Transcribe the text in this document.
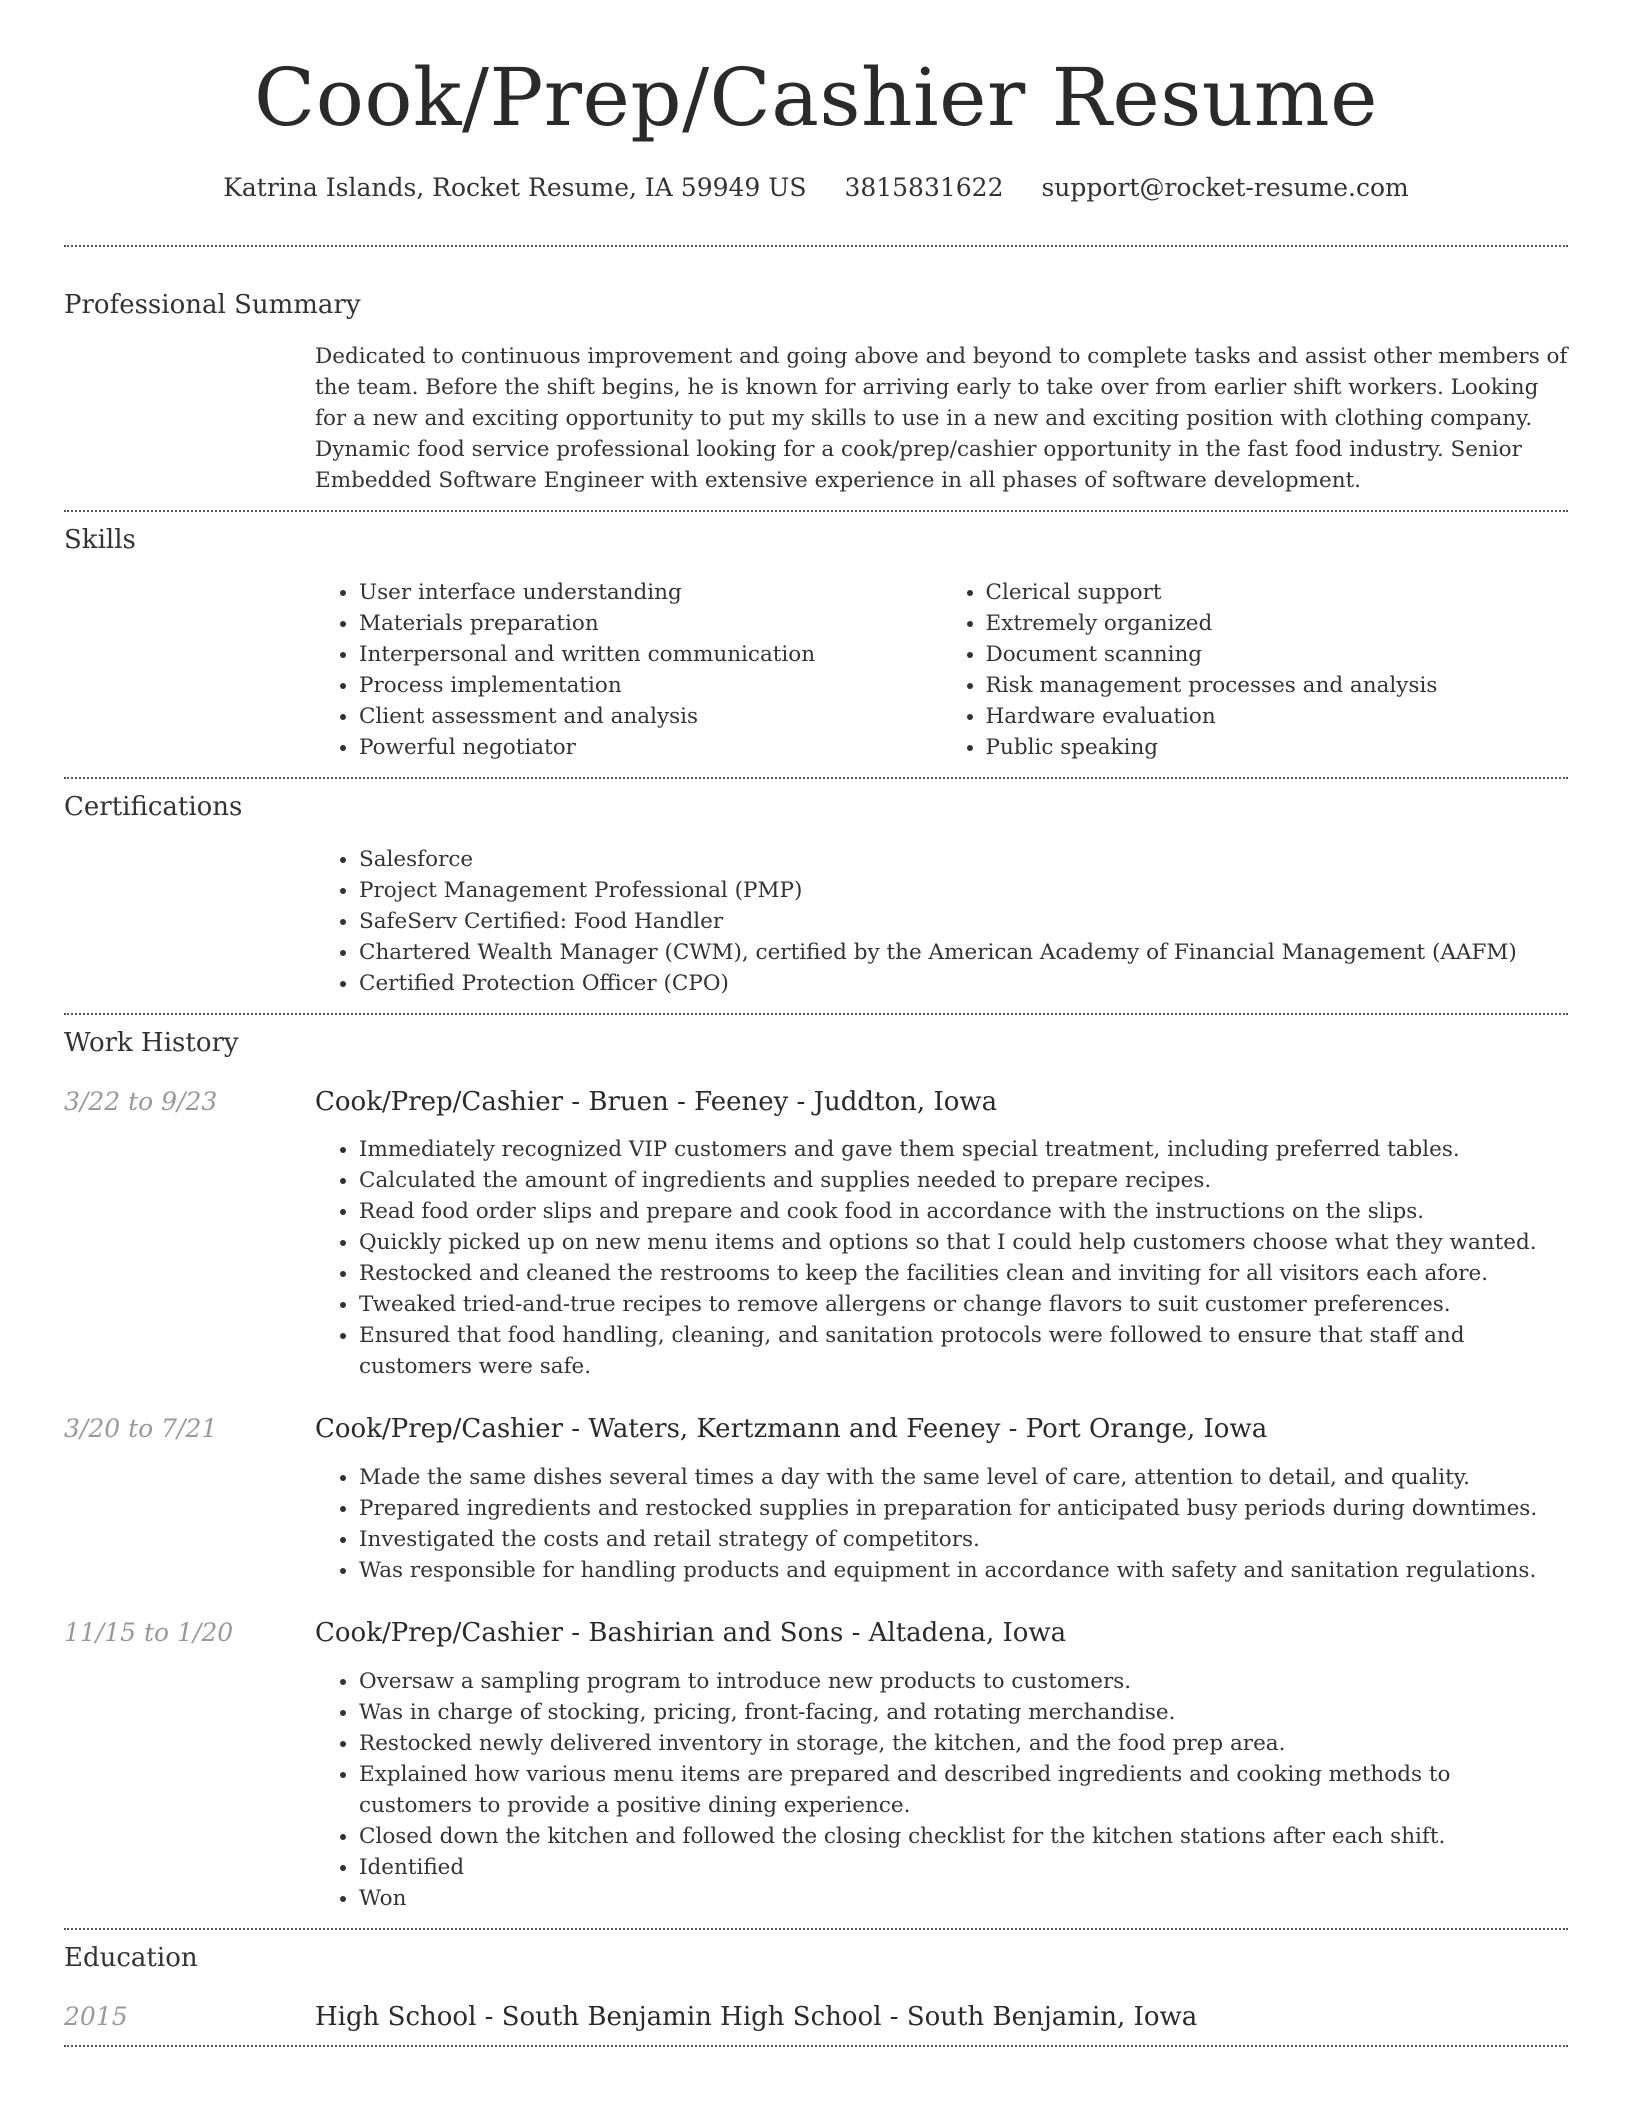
Cook/Prep/Cashier Resume
Katrina Islands, Rocket Resume, IA 59949 US 3815831622 support@rocket-resume.com
Professional Summary
Dedicated to continuous improvement and going above and beyond to complete tasks and assist other members of the team. Before the shift begins, he is known for arriving early to take over from earlier shift workers. Looking for a new and exciting opportunity to put my skills to use in a new and exciting position with clothing company. Dynamic food service professional looking for a cook/prep/cashier opportunity in the fast food industry. Senior Embedded Software Engineer with extensive experience in all phases of software development.
Skills
• User interface understanding
• Materials preparation
• Interpersonal and written communication
• Process implementation
• Client assessment and analysis
• Powerful negotiator
• Clerical support
• Extremely organized
• Document scanning
• Risk management processes and analysis
• Hardware evaluation
• Public speaking
Certifications
• Salesforce
• Project Management Professional (PMP)
• SafeServ Certified: Food Handler
• Chartered Wealth Manager (CWM), certified by the American Academy of Financial Management (AAFM)
• Certified Protection Officer (CPO)
Work History
3/22 to 9/23	Cook/Prep/Cashier - Bruen - Feeney - Juddton, Iowa
• Immediately recognized VIP customers and gave them special treatment, including preferred tables.
• Calculated the amount of ingredients and supplies needed to prepare recipes.
• Read food order slips and prepare and cook food in accordance with the instructions on the slips.
• Quickly picked up on new menu items and options so that I could help customers choose what they wanted.
• Restocked and cleaned the restrooms to keep the facilities clean and inviting for all visitors each afore.
• Tweaked tried-and-true recipes to remove allergens or change flavors to suit customer preferences.
• Ensured that food handling, cleaning, and sanitation protocols were followed to ensure that staff and customers were safe.
3/20 to 7/21	Cook/Prep/Cashier - Waters, Kertzmann and Feeney - Port Orange, Iowa
• Made the same dishes several times a day with the same level of care, attention to detail, and quality.
• Prepared ingredients and restocked supplies in preparation for anticipated busy periods during downtimes.
• Investigated the costs and retail strategy of competitors.
• Was responsible for handling products and equipment in accordance with safety and sanitation regulations.
11/15 to 1/20	Cook/Prep/Cashier - Bashirian and Sons - Altadena, Iowa
• Oversaw a sampling program to introduce new products to customers.
• Was in charge of stocking, pricing, front-facing, and rotating merchandise.
• Restocked newly delivered inventory in storage, the kitchen, and the food prep area.
• Explained how various menu items are prepared and described ingredients and cooking methods to customers to provide a positive dining experience.
• Closed down the kitchen and followed the closing checklist for the kitchen stations after each shift.
• Identified
• Won
Education
2015	High School - South Benjamin High School - South Benjamin, Iowa
